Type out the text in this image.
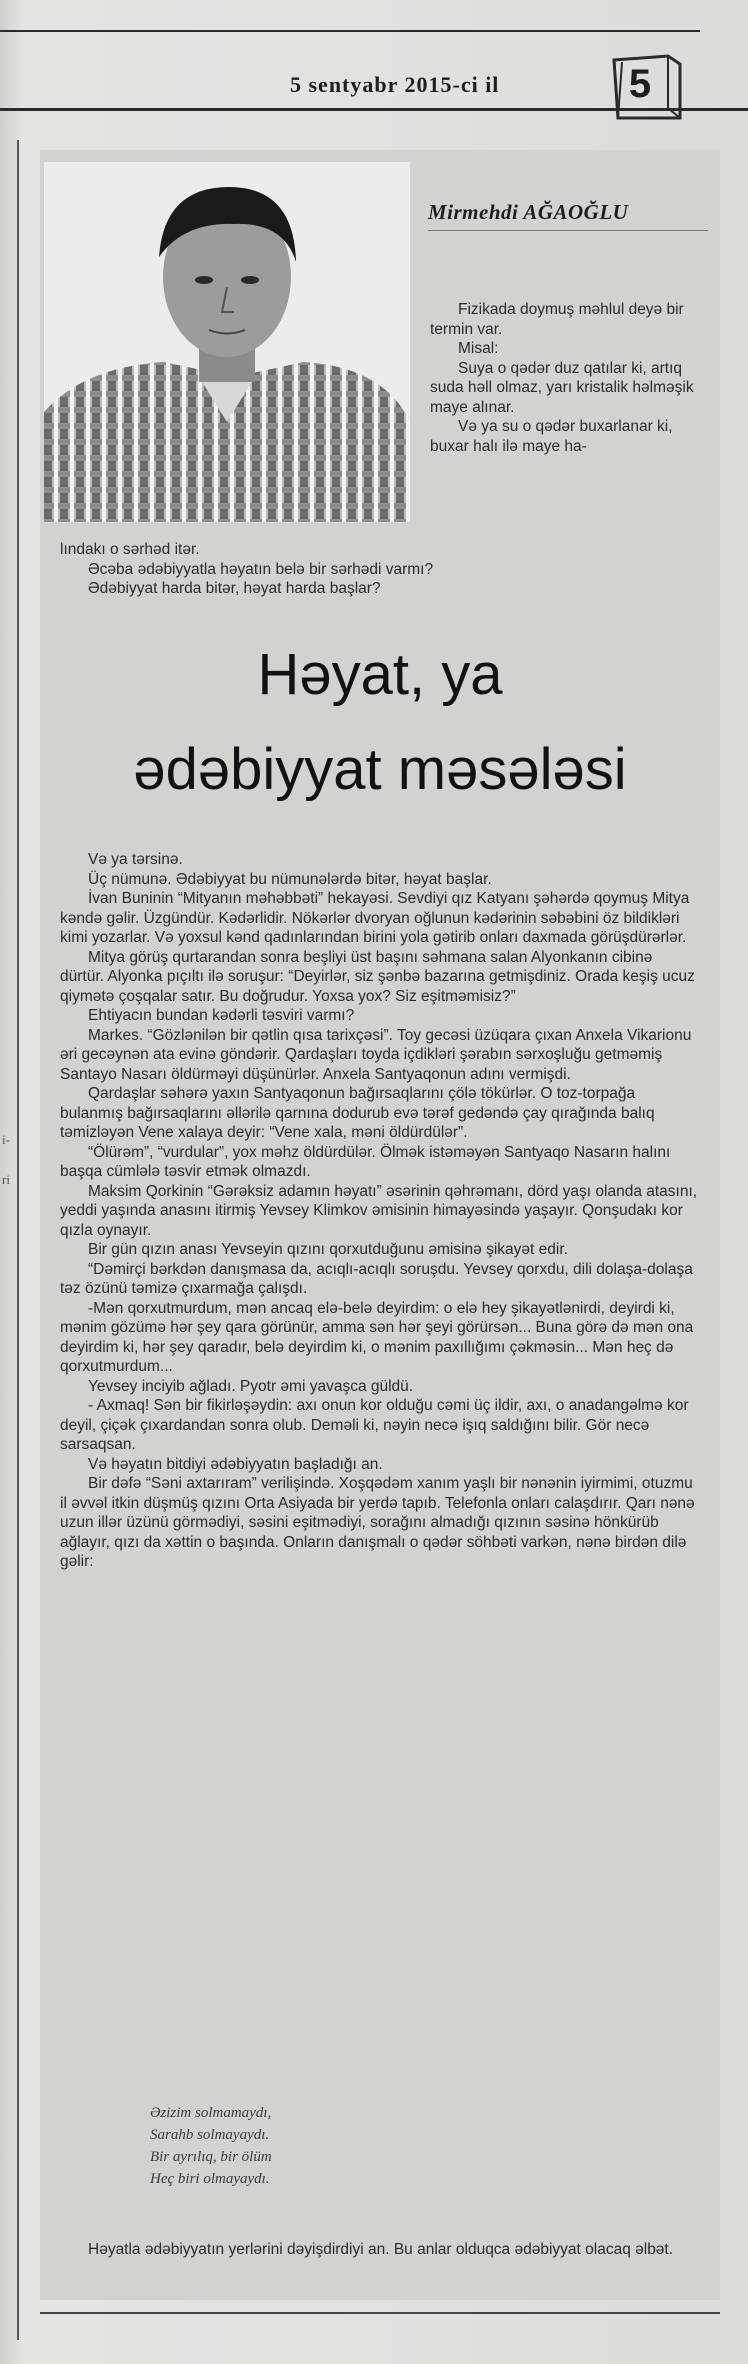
5 sentyabr 2015-ci il	5
i-
ri
Mirmehdi AĞAOĞLU

Fizikada doymuş məhlul deyə bir termin var.

Misal:

Suya o qədər duz qatılar ki, artıq suda həll olmaz, yarı kristalik həlməşik maye alınar.

Və ya su o qədər buxarlanar ki, buxar halı ilə maye ha-

lındakı o sərhəd itər.

Əcəba ədəbiyyatla həyatın belə bir sərhədi varmı?

Ədəbiyyat harda bitər, həyat harda başlar?

Həyat, ya
ədəbiyyat məsələsi

Və ya tərsinə.

Üç nümunə. Ədəbiyyat bu nümunələrdə bitər, həyat başlar.

İvan Buninin “Mityanın məhəbbəti” hekayəsi. Sevdiyi qız Katyanı şəhərdə qoymuş Mitya kəndə gəlir. Üzgündür. Kədərlidir. Nökərlər dvoryan oğlunun kədərinin səbəbini öz bildikləri kimi yozarlar. Və yoxsul kənd qadınlarından birini yola gətirib onları daxmada görüşdürərlər.

Mitya görüş qurtarandan sonra beşliyi üst başını səhmana salan Alyonkanın cibinə dürtür. Alyonka pıçıltı ilə soruşur: “Deyirlər, siz şənbə bazarına getmişdiniz. Orada keşiş ucuz qiymətə çoşqalar satır. Bu doğrudur. Yoxsa yox? Siz eşitməmisiz?”

Ehtiyacın bundan kədərli təsviri varmı?

Markes. “Gözlənilən bir qətlin qısa tarixçəsi”. Toy gecəsi üzüqara çıxan Anxela Vikarionu əri gecəynən ata evinə göndərir. Qardaşları toyda içdikləri şərabın sərxoşluğu getməmiş Santayo Nasarı öldürməyi düşünürlər. Anxela Santyaqonun adını vermişdi.

Qardaşlar səhərə yaxın Santyaqonun bağırsaqlarını çölə tökürlər. O toz-torpağa bulanmış bağırsaqlarını əllərilə qarnına dodurub evə tərəf gedəndə çay qırağında balıq təmizləyən Vene xalaya deyir: “Vene xala, məni öldürdülər”.

“Ölürəm”, “vurdular”, yox məhz öldürdülər. Ölmək istəməyən Santyaqo Nasarın halını başqa cümlələ təsvir etmək olmazdı.

Maksim Qorkinin “Gərəksiz adamın həyatı” əsərinin qəhrəmanı, dörd yaşı olanda atasını, yeddi yaşında anasını itirmiş Yevsey Klimkov əmisinin himayəsində yaşayır. Qonşudakı kor qızla oynayır.

Bir gün qızın anası Yevseyin qızını qorxutduğunu əmisinə şikayət edir.

“Dəmirçi bərkdən danışmasa da, acıqlı-acıqlı soruşdu. Yevsey qorxdu, dili dolaşa-dolaşa təz özünü təmizə çıxarmağa çalışdı.

-Mən qorxutmurdum, mən ancaq elə-belə deyirdim: o elə hey şikayətlənirdi, deyirdi ki, mənim gözümə hər şey qara görünür, amma sən hər şeyi görürsən... Buna görə də mən ona deyirdim ki, hər şey qaradır, belə deyirdim ki, o mənim paxıllığımı çəkməsin... Mən heç də qorxutmurdum...

Yevsey inciyib ağladı. Pyotr əmi yavaşca güldü.

- Axmaq! Sən bir fikirləşəydin: axı onun kor olduğu cəmi üç ildir, axı, o anadangəlmə kor deyil, çiçək çıxardandan sonra olub. Deməli ki, nəyin necə işıq saldığını bilir. Gör necə sarsaqsan.

Və həyatın bitdiyi ədəbiyyatın başladığı an.

Bir dəfə “Səni axtarıram” verilişində. Xoşqədəm xanım yaşlı bir nənənin iyirmimi, otuzmu il əvvəl itkin düşmüş qızını Orta Asiyada bir yerdə tapıb. Telefonla onları calaşdırır. Qarı nənə uzun illər üzünü görmədiyi, səsini eşitmədiyi, sorağını almadığı qızının səsinə hönkürüb ağlayır, qızı da xəttin o başında. Onların danışmalı o qədər söhbəti varkən, nənə birdən dilə gəlir:

Əzizim solmamaydı,
Sarahb solmayaydı.
Bir ayrılıq, bir ölüm
Heç biri olmayaydı.

Həyatla ədəbiyyatın yerlərini dəyişdirdiyi an. Bu anlar olduqca ədəbiyyat olacaq əlbət.
